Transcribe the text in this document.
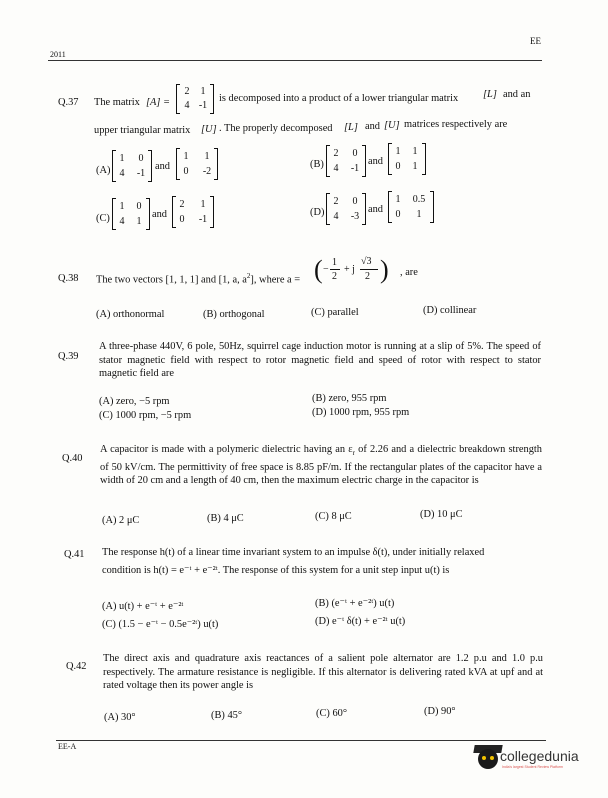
EE
2011
Q.37 The matrix [A] =
2	1
4 -1
is decomposed into a product of a lower triangular matrix [L] and an
upper triangular matrix [U] . The properly decomposed [L] and [U] matrices respectively are
(A)
1	0
4	-1
and
1	1
0	-2
(B)
2	0
4	-1
and
1	1
0	1
(C)
1	0
4	1
and
2	1
0	-1
(D)
2	0
4	-3
and
1	0.5
0	1
Q.38 The two vectors [1, 1, 1] and [1, a, $a^2$], where a = ( −
1
2
+ j
√3
2 ) , are
(A) orthonormal	(B) orthogonal	(C) parallel	(D) collinear
Q.39
A three-phase 440V, 6 pole, 50Hz, squirrel cage induction motor is running at a slip of 5%. The speed of stator magnetic field with respect to rotor magnetic field and speed of rotor with respect to stator magnetic field are
(A) zero, −5 rpm	(B) zero, 955 rpm
(C) 1000 rpm, −5 rpm	(D) 1000 rpm, 955 rpm
Q.40
A capacitor is made with a polymeric dielectric having an $\varepsilon_r$ of 2.26 and a dielectric breakdown strength of 50 kV/cm. The permittivity of free space is 8.85 pF/m. If the rectangular plates of the capacitor have a width of 20 cm and a length of 40 cm, then the maximum electric charge in the capacitor is
(A) 2 μC	(B) 4 μC	(C) 8 μC	(D) 10 μC
Q.41 The response h(t) of a linear time invariant system to an impulse δ(t), under initially relaxed
condition is h(t) = e⁻ᵗ + e⁻²ᵗ. The response of this system for a unit step input u(t) is
(A) u(t) + e⁻ᵗ + e⁻²ᵗ	(B) (e⁻ᵗ + e⁻²ᵗ) u(t)
(C) (1.5 − e⁻ᵗ − 0.5e⁻²ᵗ) u(t)	(D) e⁻ᵗ δ(t) + e⁻²ᵗ u(t)
Q.42
The direct axis and quadrature axis reactances of a salient pole alternator are 1.2 p.u and 1.0 p.u respectively. The armature resistance is negligible. If this alternator is delivering rated kVA at upf and at rated voltage then its power angle is
(A) 30°	(B) 45°	(C) 60°	(D) 90°
EE-A
collegedunia
India's largest Student Review Platform
